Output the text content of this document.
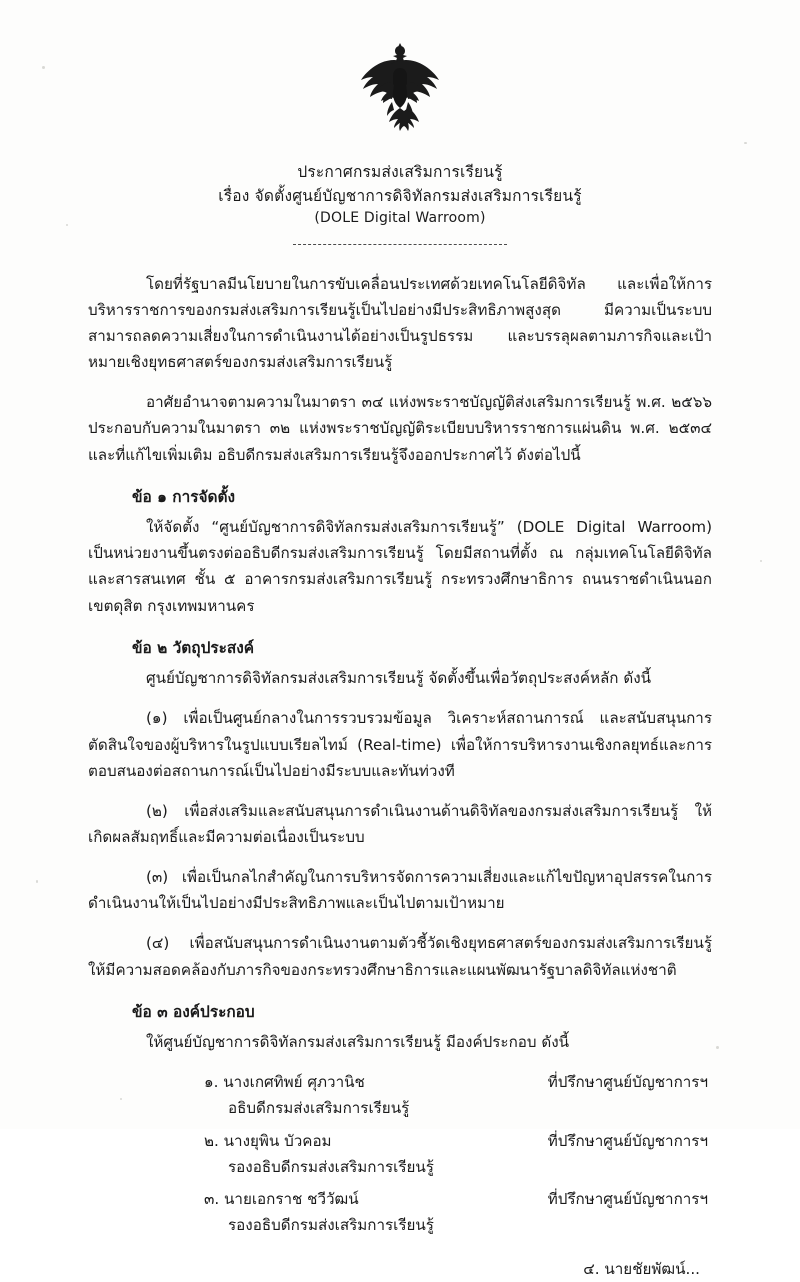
ประกาศกรมส่งเสริมการเรียนรู้
เรื่อง จัดตั้งศูนย์บัญชาการดิจิทัลกรมส่งเสริมการเรียนรู้
(DOLE Digital Warroom)

โดยที่รัฐบาลมีนโยบายในการขับเคลื่อนประเทศด้วยเทคโนโลยีดิจิทัล และเพื่อให้การบริหารราชการของกรมส่งเสริมการเรียนรู้เป็นไปอย่างมีประสิทธิภาพสูงสุด มีความเป็นระบบ สามารถลดความเสี่ยงในการดำเนินงานได้อย่างเป็นรูปธรรม และบรรลุผลตามภารกิจและเป้าหมายเชิงยุทธศาสตร์ของกรมส่งเสริมการเรียนรู้

อาศัยอำนาจตามความในมาตรา ๓๔ แห่งพระราชบัญญัติส่งเสริมการเรียนรู้ พ.ศ. ๒๕๖๖ ประกอบกับความในมาตรา ๓๒ แห่งพระราชบัญญัติระเบียบบริหารราชการแผ่นดิน พ.ศ. ๒๕๓๔ และที่แก้ไขเพิ่มเติม อธิบดีกรมส่งเสริมการเรียนรู้จึงออกประกาศไว้ ดังต่อไปนี้

ข้อ ๑ การจัดตั้ง

ให้จัดตั้ง “ศูนย์บัญชาการดิจิทัลกรมส่งเสริมการเรียนรู้” (DOLE Digital Warroom) เป็นหน่วยงานขึ้นตรงต่ออธิบดีกรมส่งเสริมการเรียนรู้ โดยมีสถานที่ตั้ง ณ กลุ่มเทคโนโลยีดิจิทัลและสารสนเทศ ชั้น ๕ อาคารกรมส่งเสริมการเรียนรู้ กระทรวงศึกษาธิการ ถนนราชดำเนินนอก เขตดุสิต กรุงเทพมหานคร

ข้อ ๒ วัตถุประสงค์

ศูนย์บัญชาการดิจิทัลกรมส่งเสริมการเรียนรู้ จัดตั้งขึ้นเพื่อวัตถุประสงค์หลัก ดังนี้

(๑) เพื่อเป็นศูนย์กลางในการรวบรวมข้อมูล วิเคราะห์สถานการณ์ และสนับสนุนการตัดสินใจของผู้บริหารในรูปแบบเรียลไทม์ (Real-time) เพื่อให้การบริหารงานเชิงกลยุทธ์และการตอบสนองต่อสถานการณ์เป็นไปอย่างมีระบบและทันท่วงที

(๒) เพื่อส่งเสริมและสนับสนุนการดำเนินงานด้านดิจิทัลของกรมส่งเสริมการเรียนรู้ ให้เกิดผลสัมฤทธิ์และมีความต่อเนื่องเป็นระบบ

(๓) เพื่อเป็นกลไกสำคัญในการบริหารจัดการความเสี่ยงและแก้ไขปัญหาอุปสรรคในการดำเนินงานให้เป็นไปอย่างมีประสิทธิภาพและเป็นไปตามเป้าหมาย

(๔) เพื่อสนับสนุนการดำเนินงานตามตัวชี้วัดเชิงยุทธศาสตร์ของกรมส่งเสริมการเรียนรู้ ให้มีความสอดคล้องกับภารกิจของกระทรวงศึกษาธิการและแผนพัฒนารัฐบาลดิจิทัลแห่งชาติ

ข้อ ๓ องค์ประกอบ

ให้ศูนย์บัญชาการดิจิทัลกรมส่งเสริมการเรียนรู้ มีองค์ประกอบ ดังนี้

๑. นางเกศทิพย์ ศุภวานิช	ที่ปรึกษาศูนย์บัญชาการฯ
อธิบดีกรมส่งเสริมการเรียนรู้
๒. นางยุพิน บัวคอม	ที่ปรึกษาศูนย์บัญชาการฯ
รองอธิบดีกรมส่งเสริมการเรียนรู้
๓. นายเอกราช ชวีวัฒน์	ที่ปรึกษาศูนย์บัญชาการฯ
รองอธิบดีกรมส่งเสริมการเรียนรู้
๔. นายชัยพัฒน์...
